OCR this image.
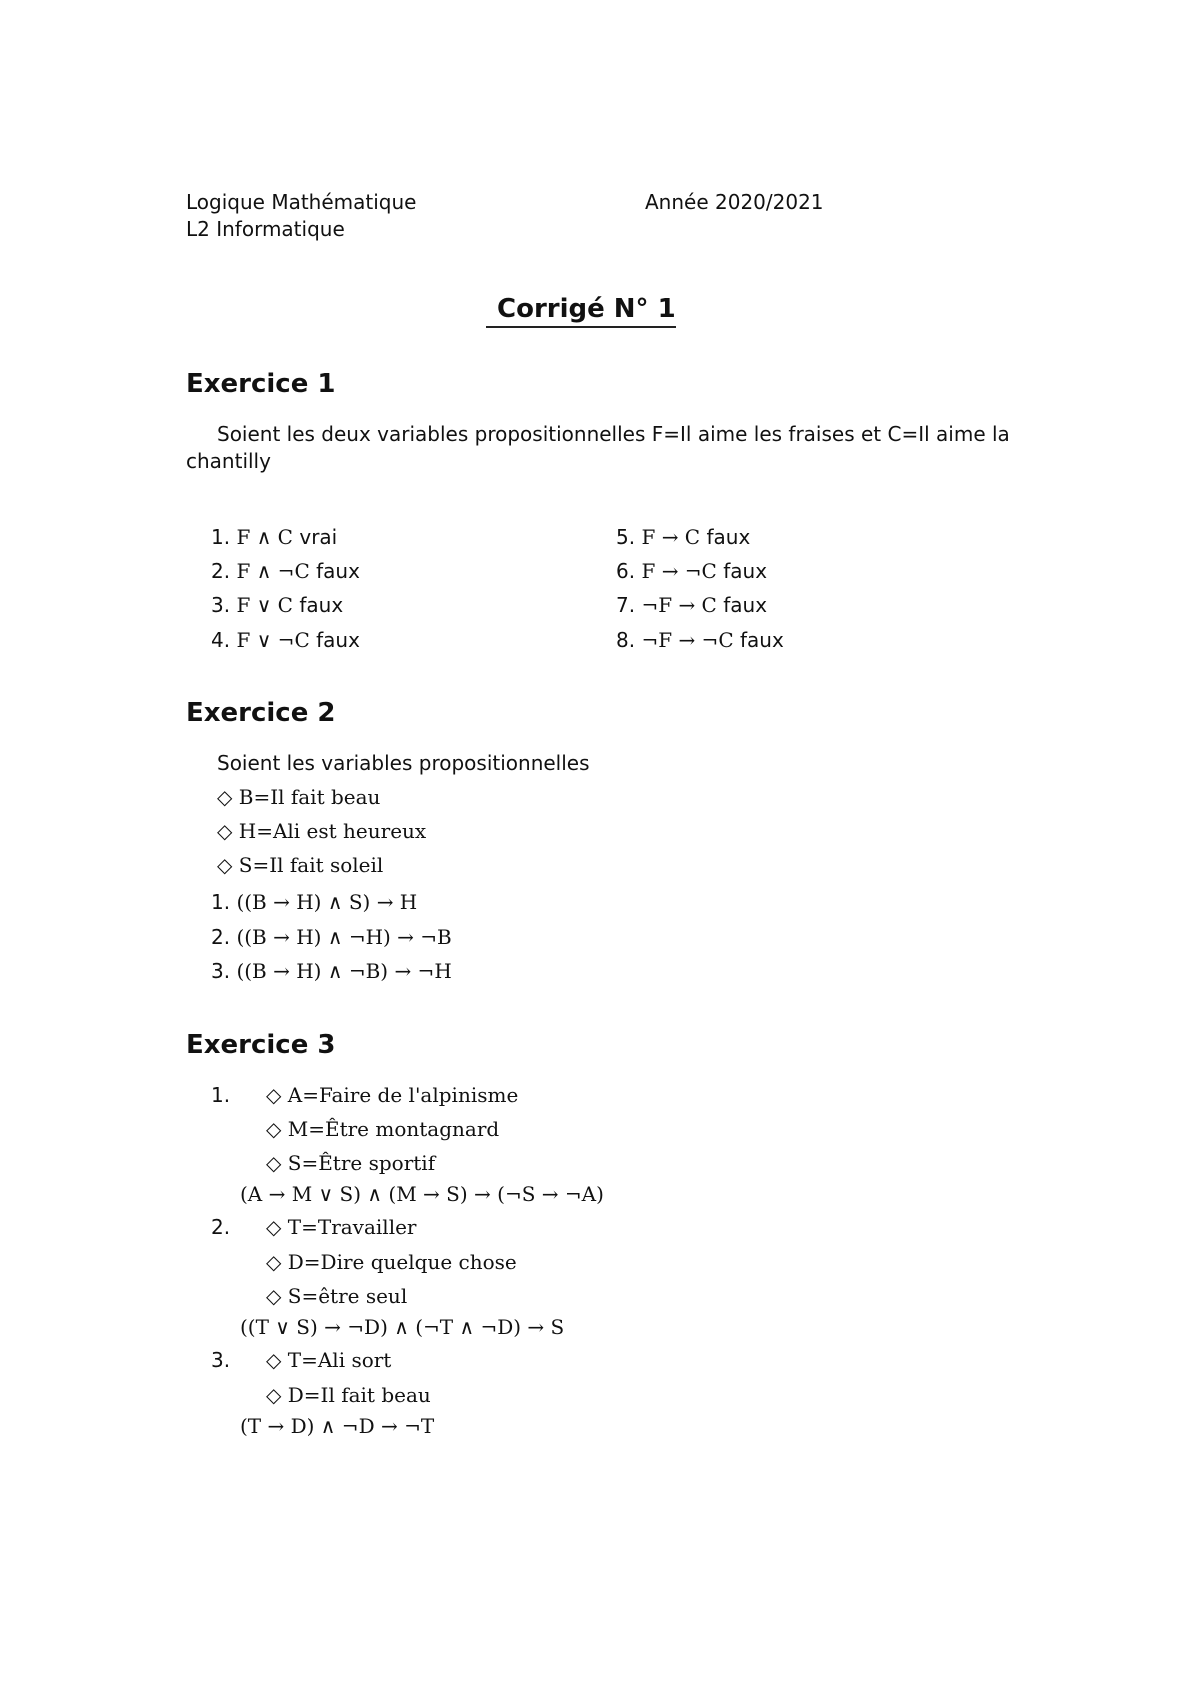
Logique Mathématique	Année 2020/2021
L2 Informatique
Corrigé N° 1
Exercice 1
Soient les deux variables propositionnelles F=Il aime les fraises et C=Il aime la
chantilly
1. F ∧ C vrai
2. F ∧ ¬C faux
3. F ∨ C faux
4. F ∨ ¬C faux
5. F → C faux
6. F → ¬C faux
7. ¬F → C faux
8. ¬F → ¬C faux
Exercice 2
Soient les variables propositionnelles
◇ B=Il fait beau
◇ H=Ali est heureux
◇ S=Il fait soleil
1. ((B → H) ∧ S) → H
2. ((B → H) ∧ ¬H) → ¬B
3. ((B → H) ∧ ¬B) → ¬H
Exercice 3
1. ◇ A=Faire de l'alpinisme
◇ M=Être montagnard
◇ S=Être sportif
(A → M ∨ S) ∧ (M → S) → (¬S → ¬A)
2. ◇ T=Travailler
◇ D=Dire quelque chose
◇ S=être seul
((T ∨ S) → ¬D) ∧ (¬T ∧ ¬D) → S
3. ◇ T=Ali sort
◇ D=Il fait beau
(T → D) ∧ ¬D → ¬T
